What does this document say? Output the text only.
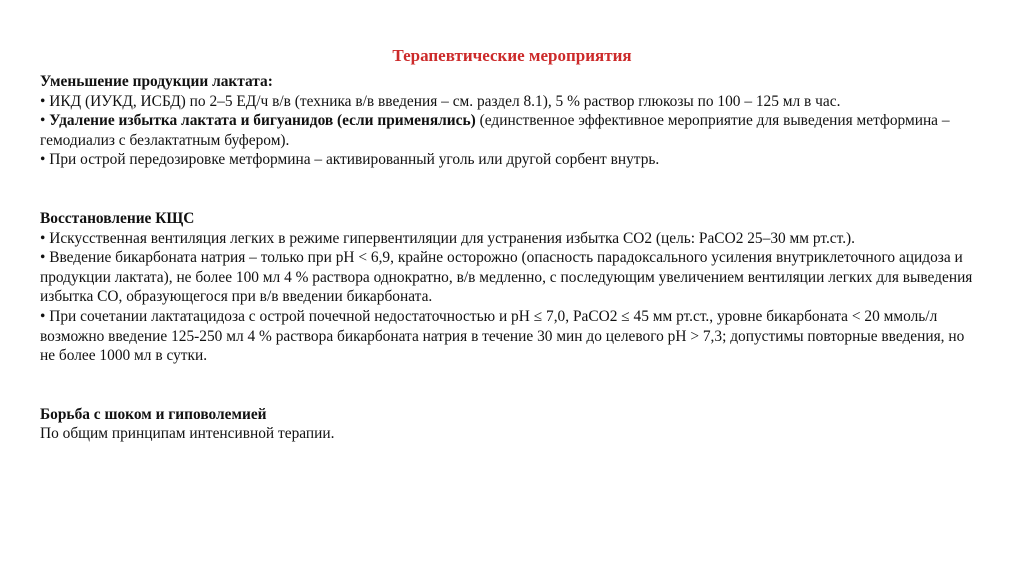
Терапевтические мероприятия

Уменьшение продукции лактата:

• ИКД (ИУКД, ИСБД) по 2–5 ЕД/ч в/в (техника в/в введения – см. раздел 8.1), 5 % раствор глюкозы по 100 – 125 мл в час.

• Удаление избытка лактата и бигуанидов (если применялись) (единственное эффективное мероприятие для выведения метформина – гемодиализ с безлактатным буфером).

• При острой передозировке метформина – активированный уголь или другой сорбент внутрь.

Восстановление КЩС

• Искусственная вентиляция легких в режиме гипервентиляции для устранения избытка СО2 (цель: PaCO2 25–30 мм рт.ст.).

• Введение бикарбоната натрия – только при pH < 6,9, крайне осторожно (опасность парадоксального усиления внутриклеточного ацидоза и продукции лактата), не более 100 мл 4 % раствора однократно, в/в медленно, с последующим увеличением вентиляции легких для выведения избытка СО, образующегося при в/в введении бикарбоната.

• При сочетании лактатацидоза с острой почечной недостаточностью и pH ≤ 7,0, PaCO2 ≤ 45 мм рт.ст., уровне бикарбоната < 20 ммоль/л возможно введение 125-250 мл 4 % раствора бикарбоната натрия в течение 30 мин до целевого pH > 7,3; допустимы повторные введения, но не более 1000 мл в сутки.

Борьба с шоком и гиповолемией

По общим принципам интенсивной терапии.
